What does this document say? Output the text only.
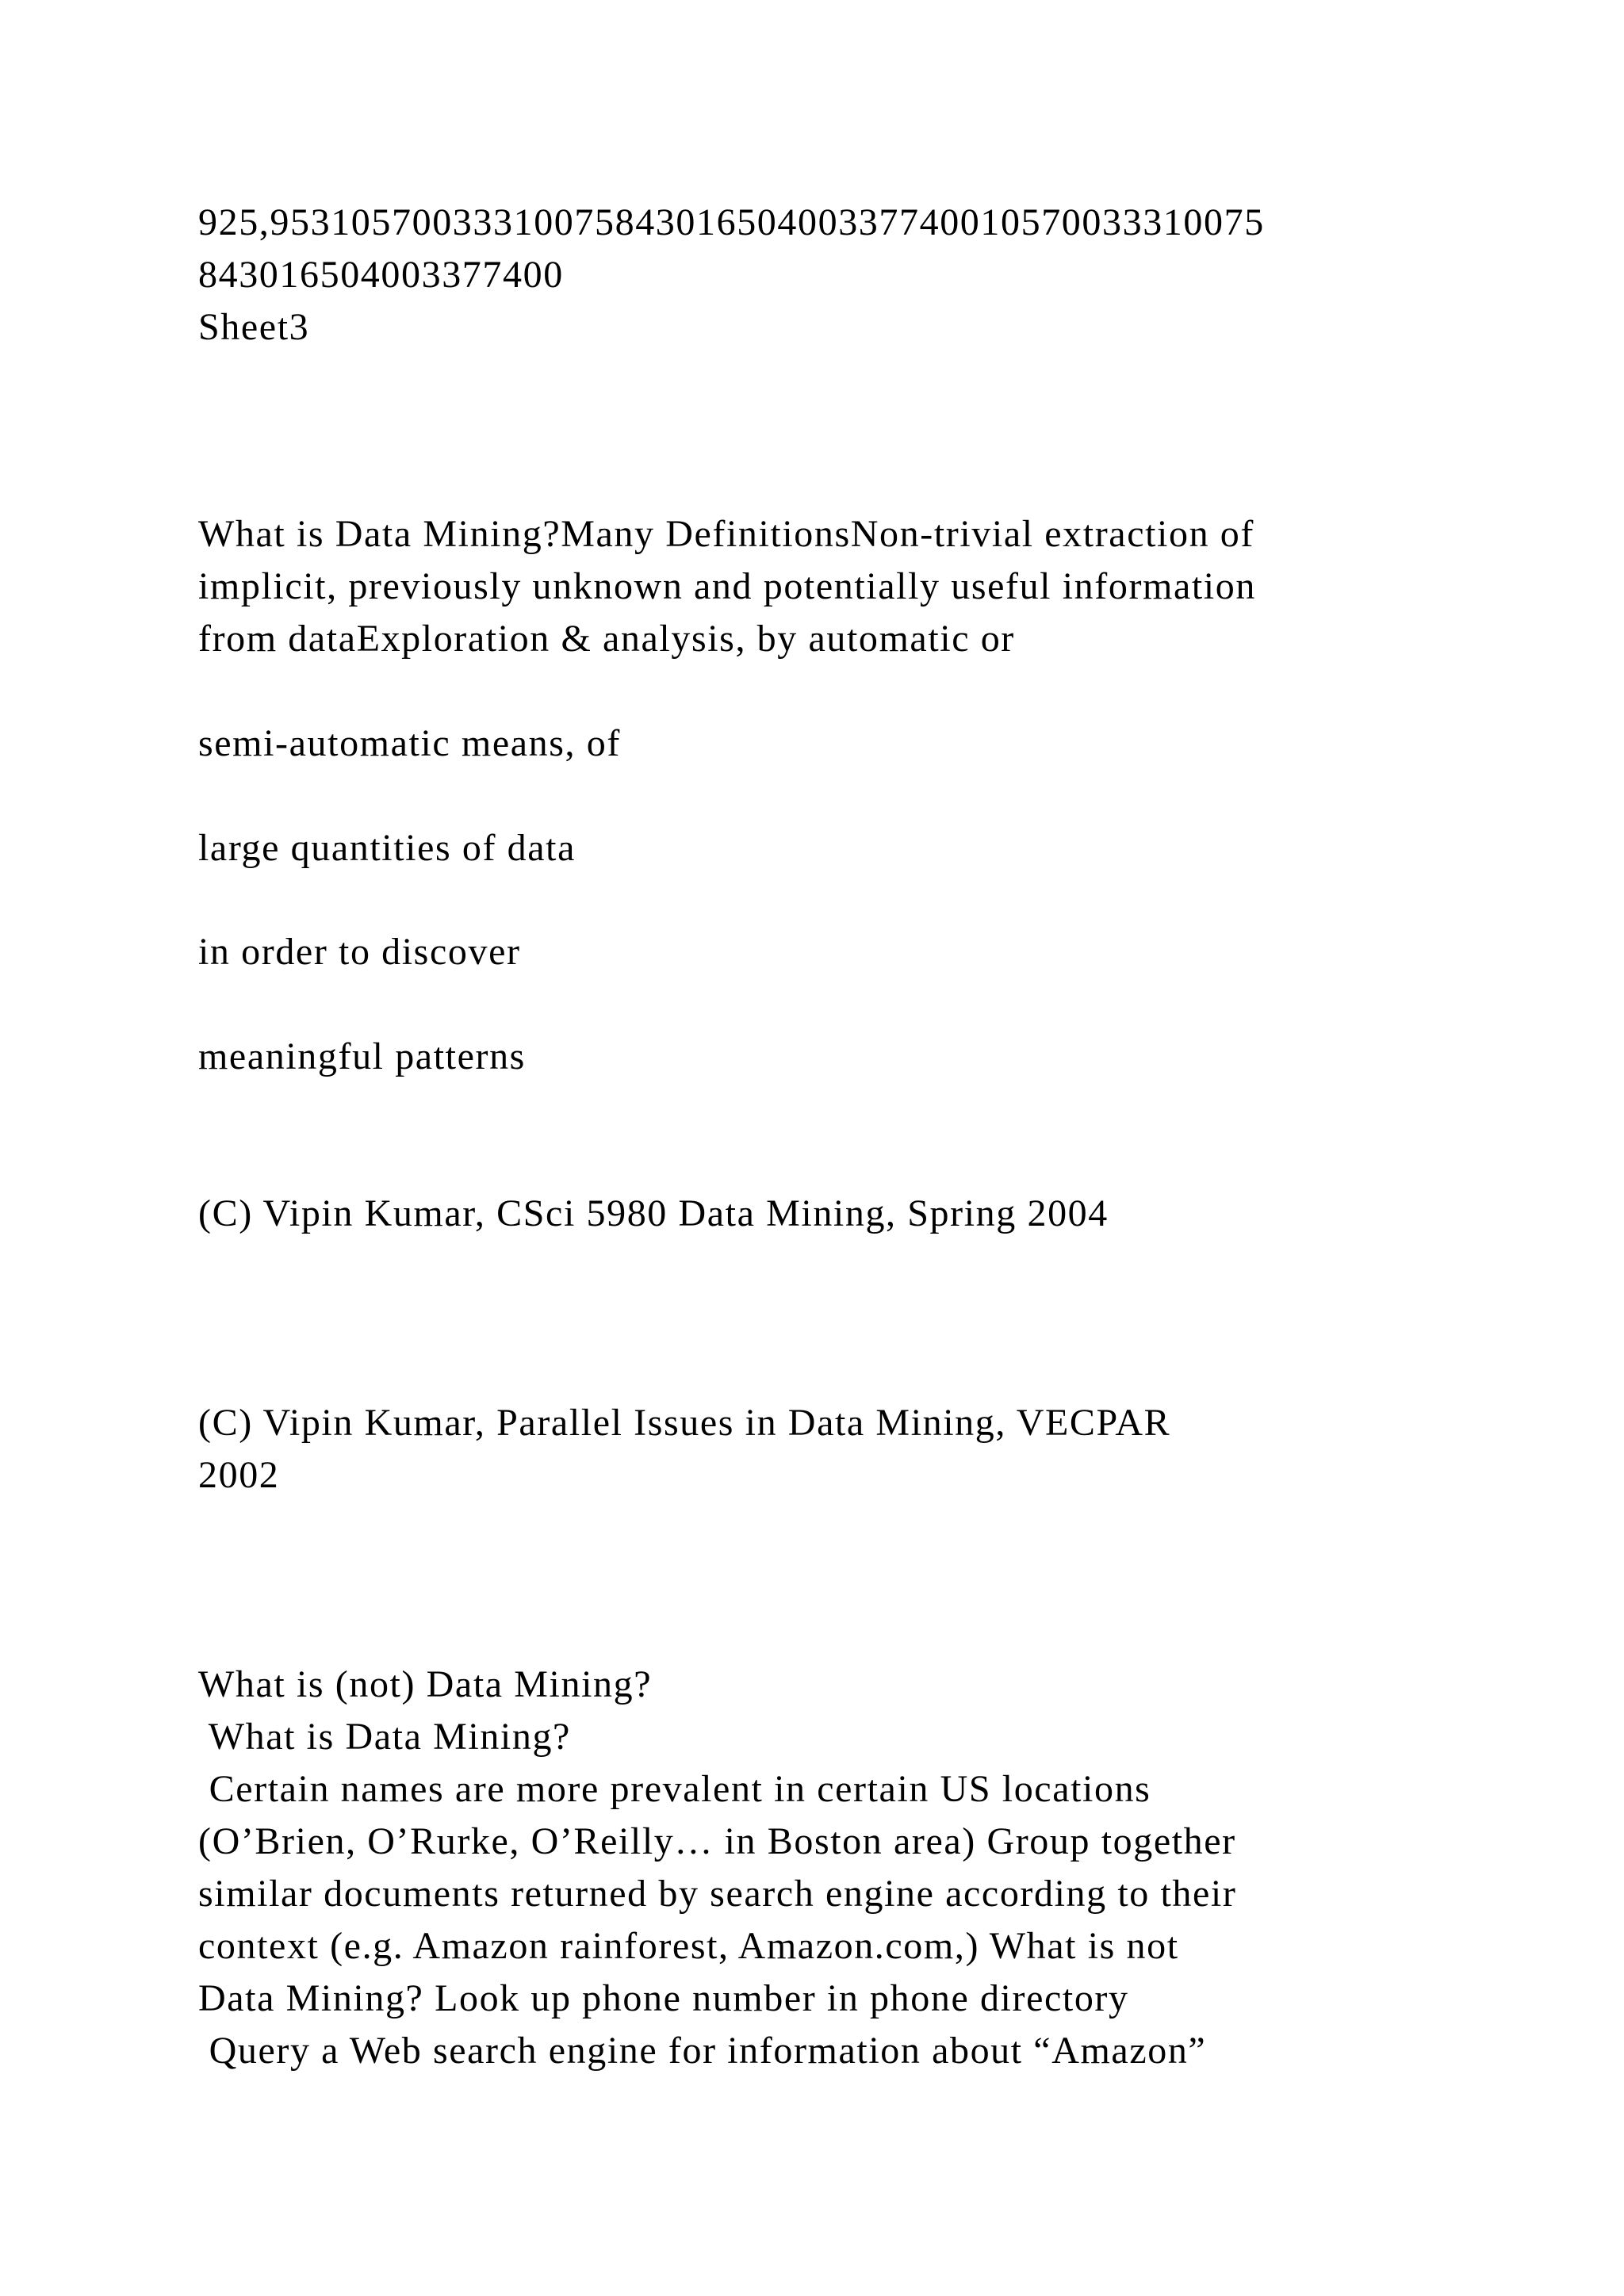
925,9531057003331007584301650400337740010570033310075

843016504003377400

Sheet3

What is Data Mining?Many DefinitionsNon-trivial extraction of

implicit, previously unknown and potentially useful information

from dataExploration & analysis, by automatic or

semi-automatic means, of

large quantities of data

in order to discover

meaningful patterns

(C) Vipin Kumar, CSci 5980 Data Mining, Spring 2004

(C) Vipin Kumar, Parallel Issues in Data Mining, VECPAR

2002

What is (not) Data Mining?

What is Data Mining?

Certain names are more prevalent in certain US locations

(O’Brien, O’Rurke, O’Reilly… in Boston area) Group together

similar documents returned by search engine according to their

context (e.g. Amazon rainforest, Amazon.com,) What is not

Data Mining? Look up phone number in phone directory

Query a Web search engine for information about “Amazon”
